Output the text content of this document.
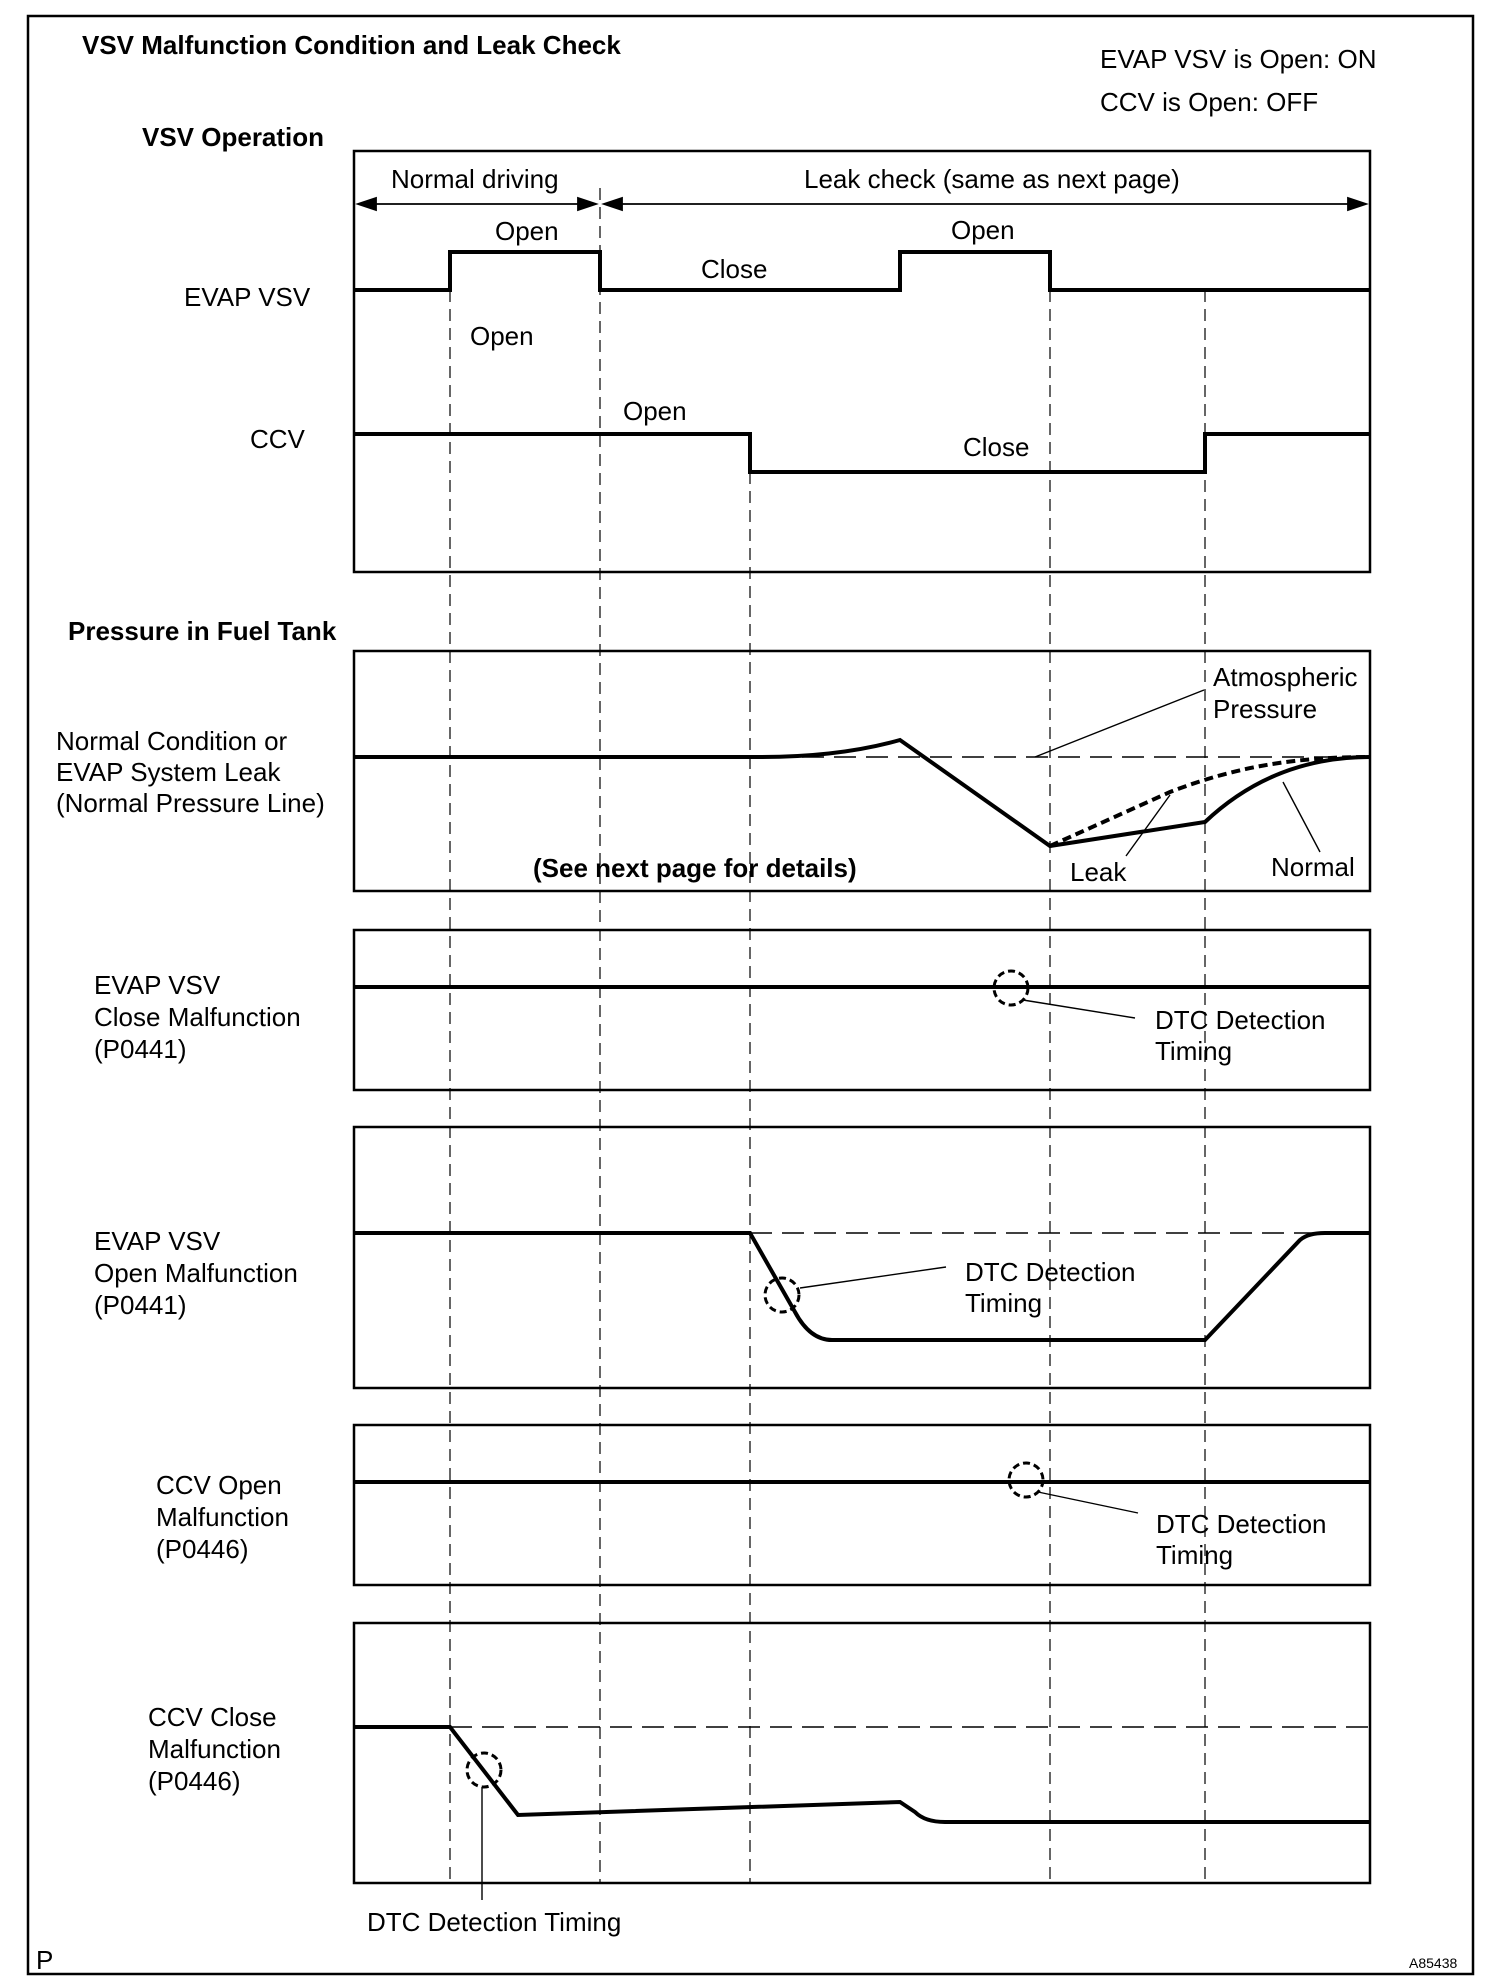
VSV Malfunction Condition and Leak Check	EVAP VSV is Open: ON
CCV is Open: OFF
VSV Operation
Normal driving	Leak check (same as next page)
EVAP VSV
Open
Close
Open
Open
CCV
Open
Close
Pressure in Fuel Tank
Normal Condition or
EVAP System Leak
(Normal Pressure Line)
Atmospheric
Pressure
(See next page for details)	Leak	Normal
EVAP VSV
Close Malfunction
(P0441)
DTC Detection
Timing
EVAP VSV
Open Malfunction
(P0441)
DTC Detection
Timing
CCV Open
Malfunction
(P0446)
DTC Detection
Timing
CCV Close
Malfunction
(P0446)
DTC Detection Timing
P	A85438
